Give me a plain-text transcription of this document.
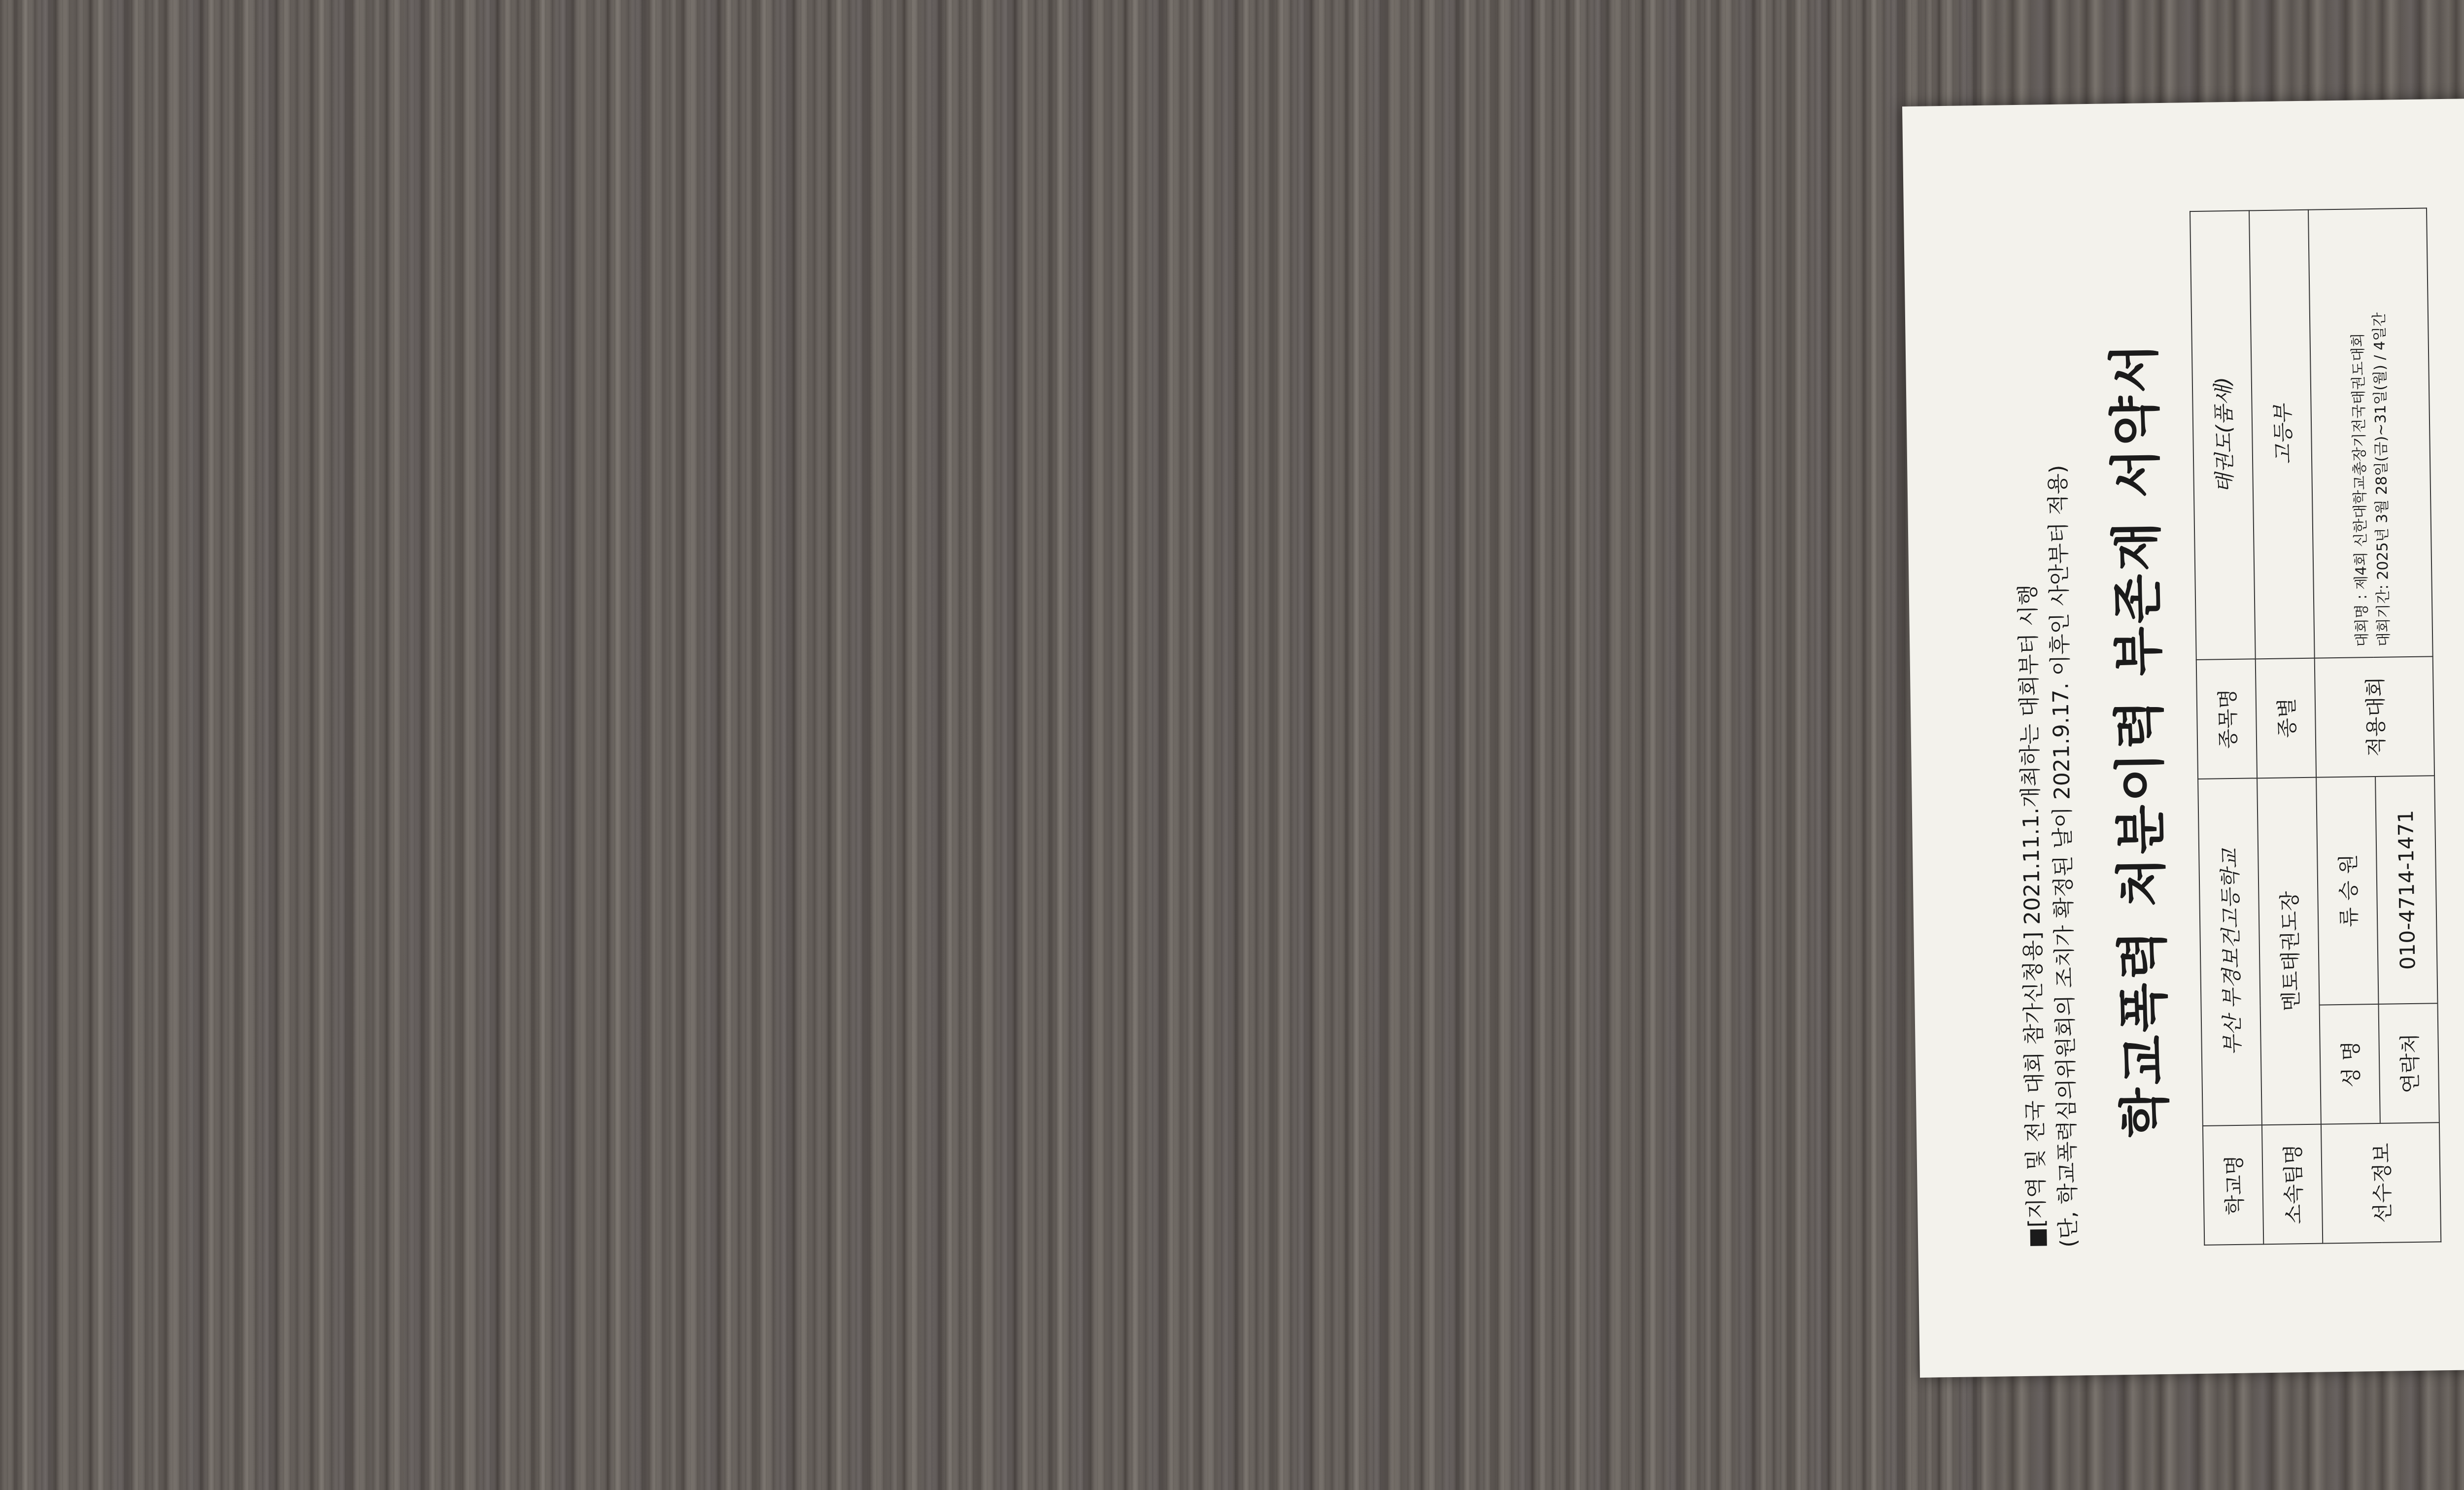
■[지역 및 전국 대회 참가신청용] 2021.11.1.개최하는 대회부터 시행
(단, 학교폭력심의위원회의 조치가 확정된 날이 2021.9.17. 이후인 사안부터 적용) 학교폭력 처분이력 부존재 서약서
학교명	부산 부경보건고등학교		종목명	태권도(품새)
소속팀명	멘토태권도장		종별	고등부
선수정보	성 명	류 승 원	적용대회	대회명 : 제4회 신한대학교총장기전국태권도대회 대회기간: 2025년 3월 28일(금)~31일(월) / 4일간

	연락처	010-4714-1471		
